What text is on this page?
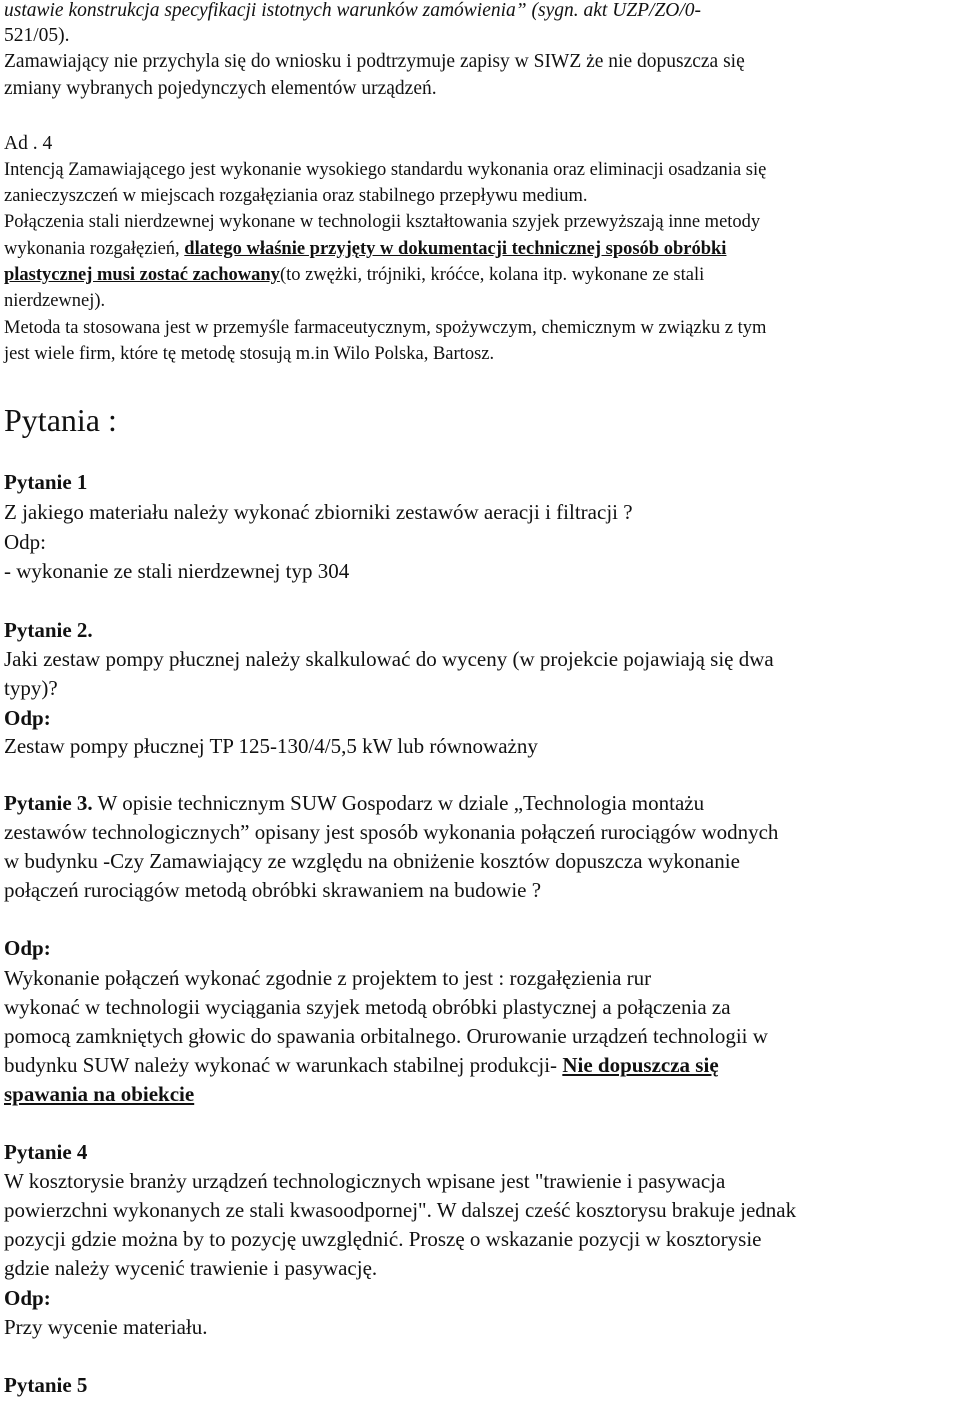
ustawie konstrukcja specyfikacji istotnych warunków zamówienia” (sygn. akt UZP/ZO/0-
521/05).
Zamawiający nie przychyla się do wniosku i podtrzymuje zapisy w SIWZ że nie dopuszcza się
zmiany wybranych pojedynczych elementów urządzeń.
Ad . 4
Intencją Zamawiającego jest wykonanie wysokiego standardu wykonania oraz eliminacji osadzania się
zanieczyszczeń w miejscach rozgałęziania oraz stabilnego przepływu medium.
Połączenia stali nierdzewnej wykonane w technologii kształtowania szyjek przewyższają inne metody
wykonania rozgałęzień, dlatego właśnie przyjęty w dokumentacji technicznej sposób obróbki
plastycznej musi zostać zachowany(to zwężki, trójniki, króćce, kolana itp. wykonane ze stali
nierdzewnej).
Metoda ta stosowana jest w przemyśle farmaceutycznym, spożywczym, chemicznym w związku z tym
jest wiele firm, które tę metodę stosują m.in Wilo Polska, Bartosz.
Pytania :
Pytanie 1
Z jakiego materiału należy wykonać zbiorniki zestawów aeracji i filtracji ?
Odp:
- wykonanie ze stali nierdzewnej typ 304
Pytanie 2.
Jaki zestaw pompy płucznej należy skalkulować do wyceny (w projekcie pojawiają się dwa
typy)?
Odp:
Zestaw pompy płucznej TP 125-130/4/5,5 kW lub równoważny
Pytanie 3. W opisie technicznym SUW Gospodarz w dziale „Technologia montażu
zestawów technologicznych” opisany jest sposób wykonania połączeń rurociągów wodnych
w budynku -Czy Zamawiający ze względu na obniżenie kosztów dopuszcza wykonanie
połączeń rurociągów metodą obróbki skrawaniem na budowie ?
Odp:
Wykonanie połączeń wykonać zgodnie z projektem to jest : rozgałęzienia rur
wykonać w technologii wyciągania szyjek metodą obróbki plastycznej a połączenia za
pomocą zamkniętych głowic do spawania orbitalnego. Orurowanie urządzeń technologii w
budynku SUW należy wykonać w warunkach stabilnej produkcji- Nie dopuszcza się
spawania na obiekcie
Pytanie 4
W kosztorysie branży urządzeń technologicznych wpisane jest "trawienie i pasywacja
powierzchni wykonanych ze stali kwasoodpornej". W dalszej cześć kosztorysu brakuje jednak
pozycji gdzie można by to pozycję uwzględnić. Proszę o wskazanie pozycji w kosztorysie
gdzie należy wycenić trawienie i pasywację.
Odp:
Przy wycenie materiału.
Pytanie 5
